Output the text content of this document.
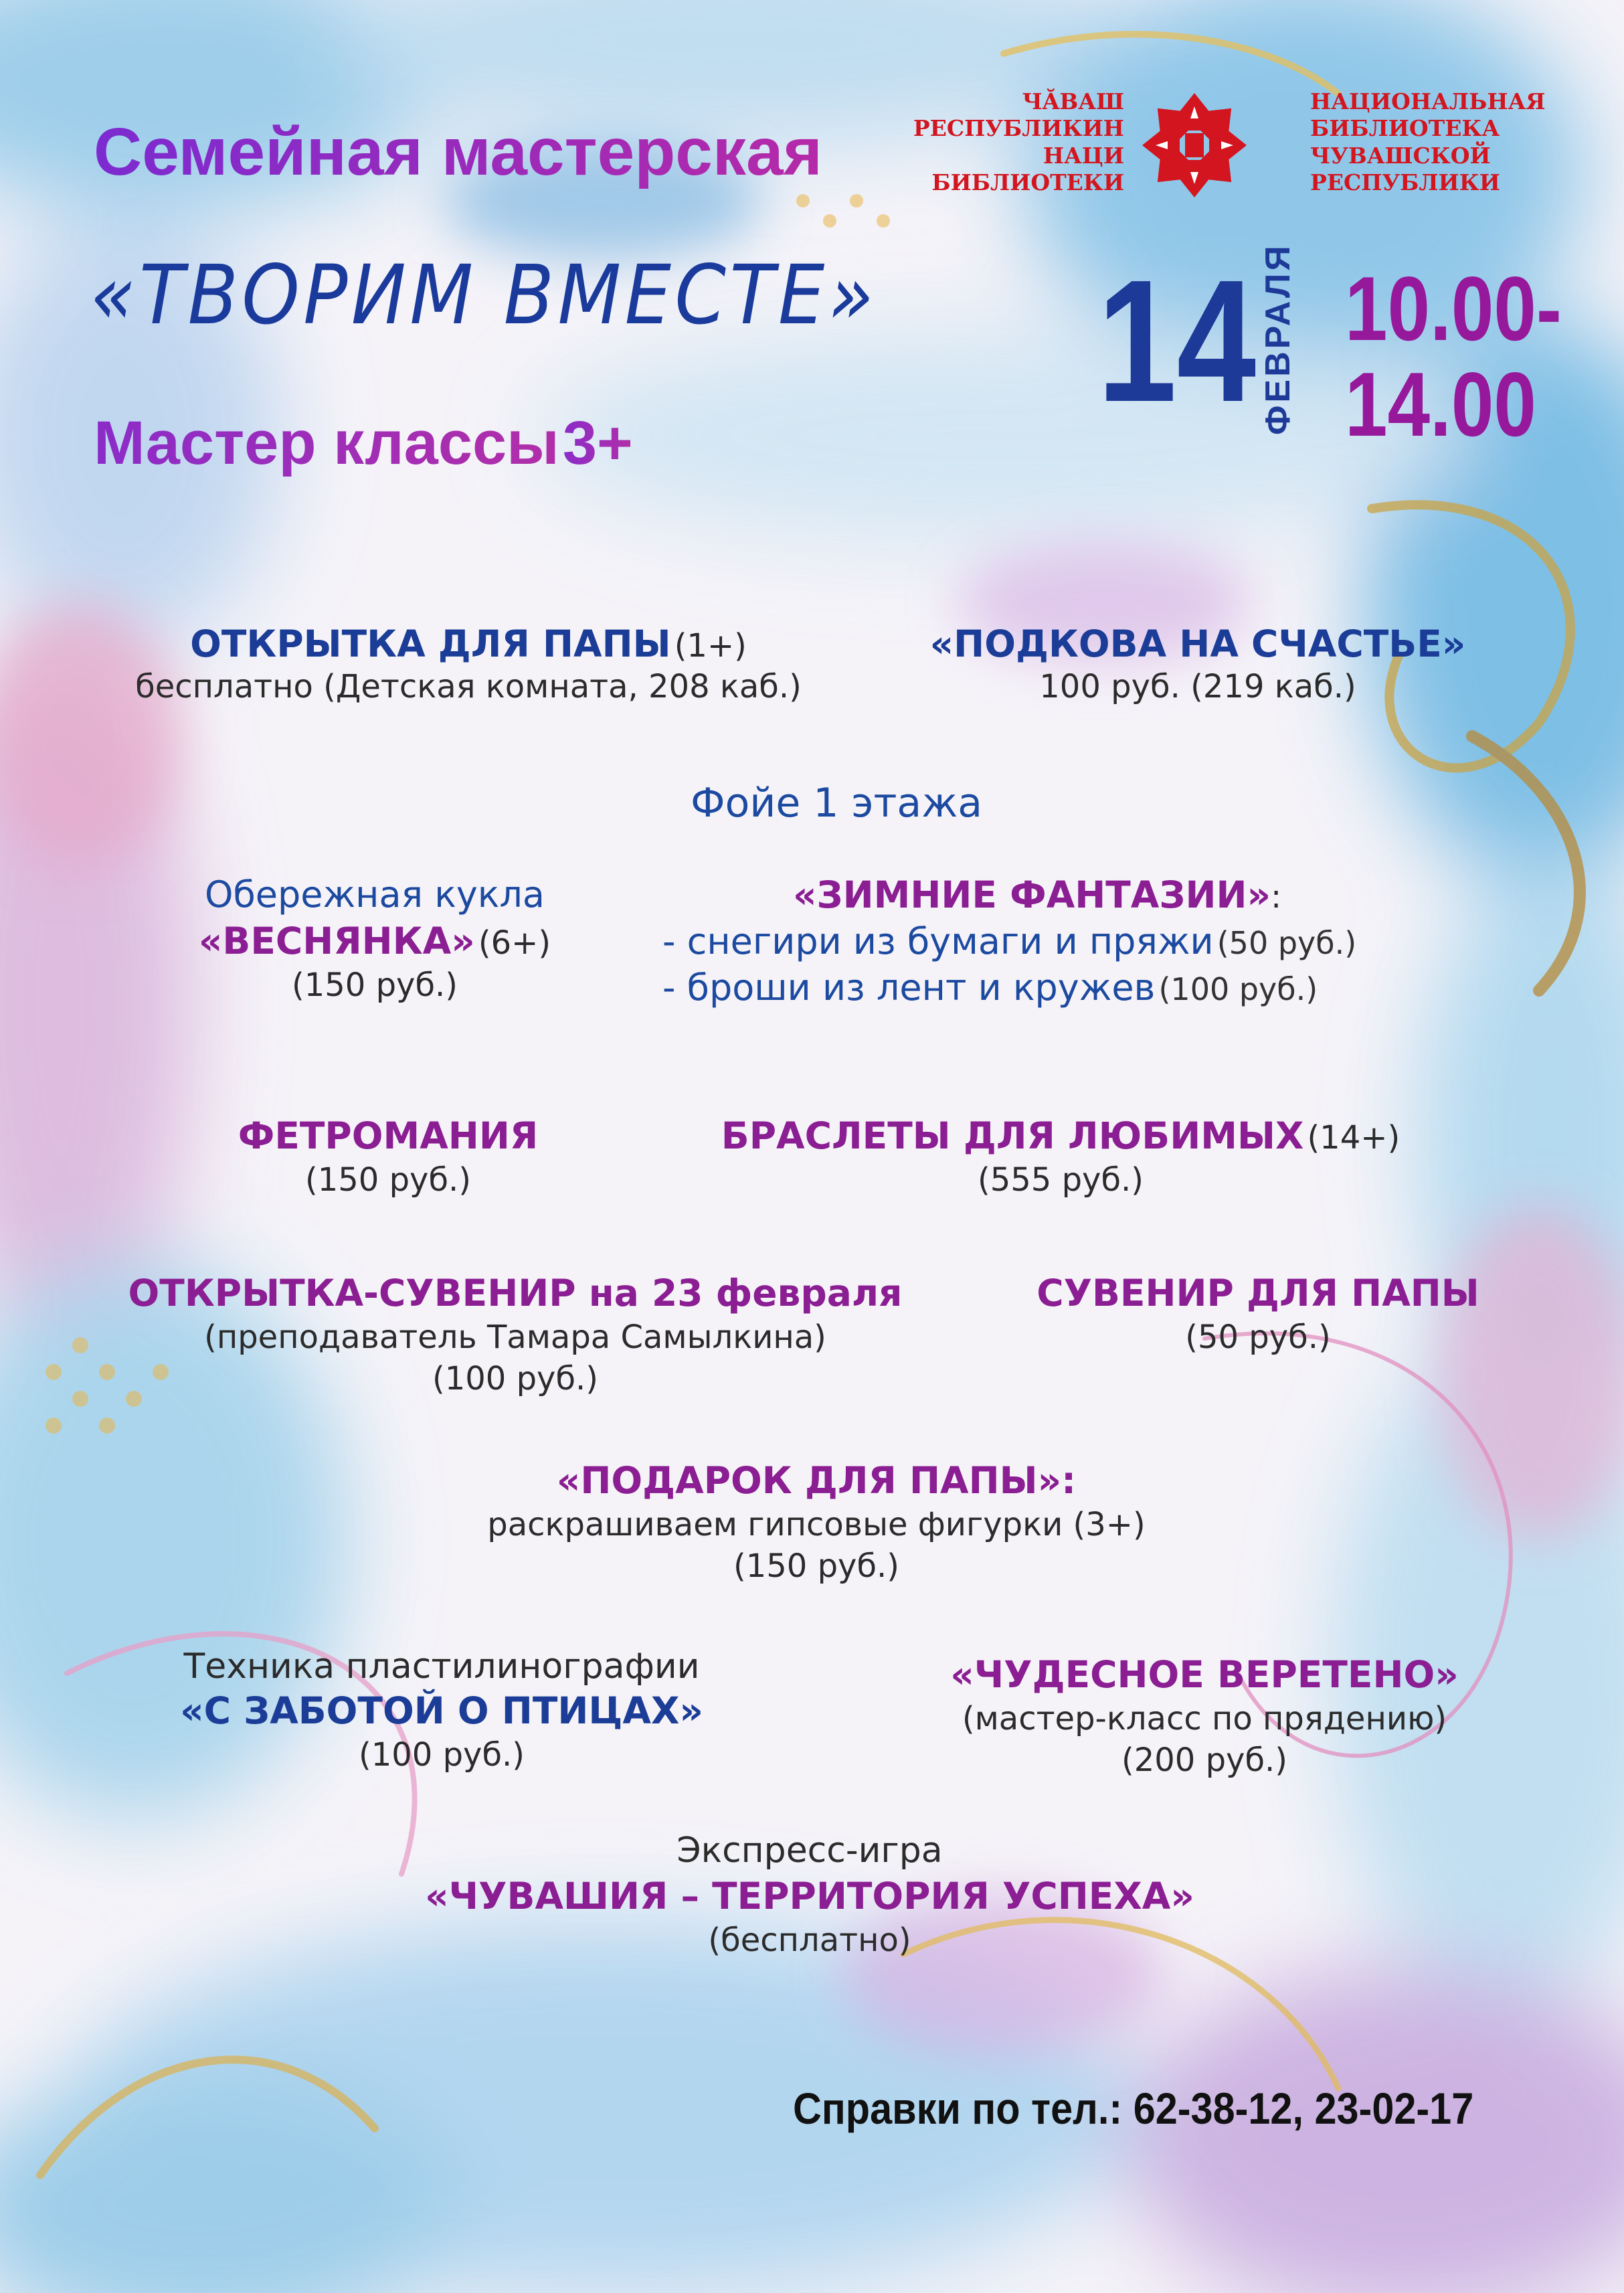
Семейная мастерская
«ТВОРИМ ВМЕСТЕ»
Мастер классы 3+
ЧĂВАШ
РЕСПУБЛИКИН
НАЦИ
БИБЛИОТЕКИ
НАЦИОНАЛЬНАЯ
БИБЛИОТЕКА
ЧУВАШСКОЙ
РЕСПУБЛИКИ
14 ФЕВРАЛЯ 10.00-
14.00
ОТКРЫТКА ДЛЯ ПАПЫ (1+)
бесплатно (Детская комната, 208 каб.)
«ПОДКОВА НА СЧАСТЬЕ»
100 руб. (219 каб.)
Фойе 1 этажа
Обережная кукла
«ВЕСНЯНКА» (6+)
(150 руб.)
«ЗИМНИЕ ФАНТАЗИИ»:
- снегири из бумаги и пряжи (50 руб.)
- броши из лент и кружев (100 руб.)
ФЕТРОМАНИЯ
(150 руб.)
БРАСЛЕТЫ ДЛЯ ЛЮБИМЫХ (14+)
(555 руб.)
ОТКРЫТКА-СУВЕНИР на 23 февраля
(преподаватель Тамара Самылкина)
(100 руб.)
СУВЕНИР ДЛЯ ПАПЫ
(50 руб.)
«ПОДАРОК ДЛЯ ПАПЫ»:
раскрашиваем гипсовые фигурки (3+)
(150 руб.)
Техника пластилинографии
«С ЗАБОТОЙ О ПТИЦАХ»
(100 руб.)
«ЧУДЕСНОЕ ВЕРЕТЕНО»
(мастер-класс по прядению)
(200 руб.)
Экспресс-игра
«ЧУВАШИЯ – ТЕРРИТОРИЯ УСПЕХА»
(бесплатно)
Справки по тел.: 62-38-12, 23-02-17
